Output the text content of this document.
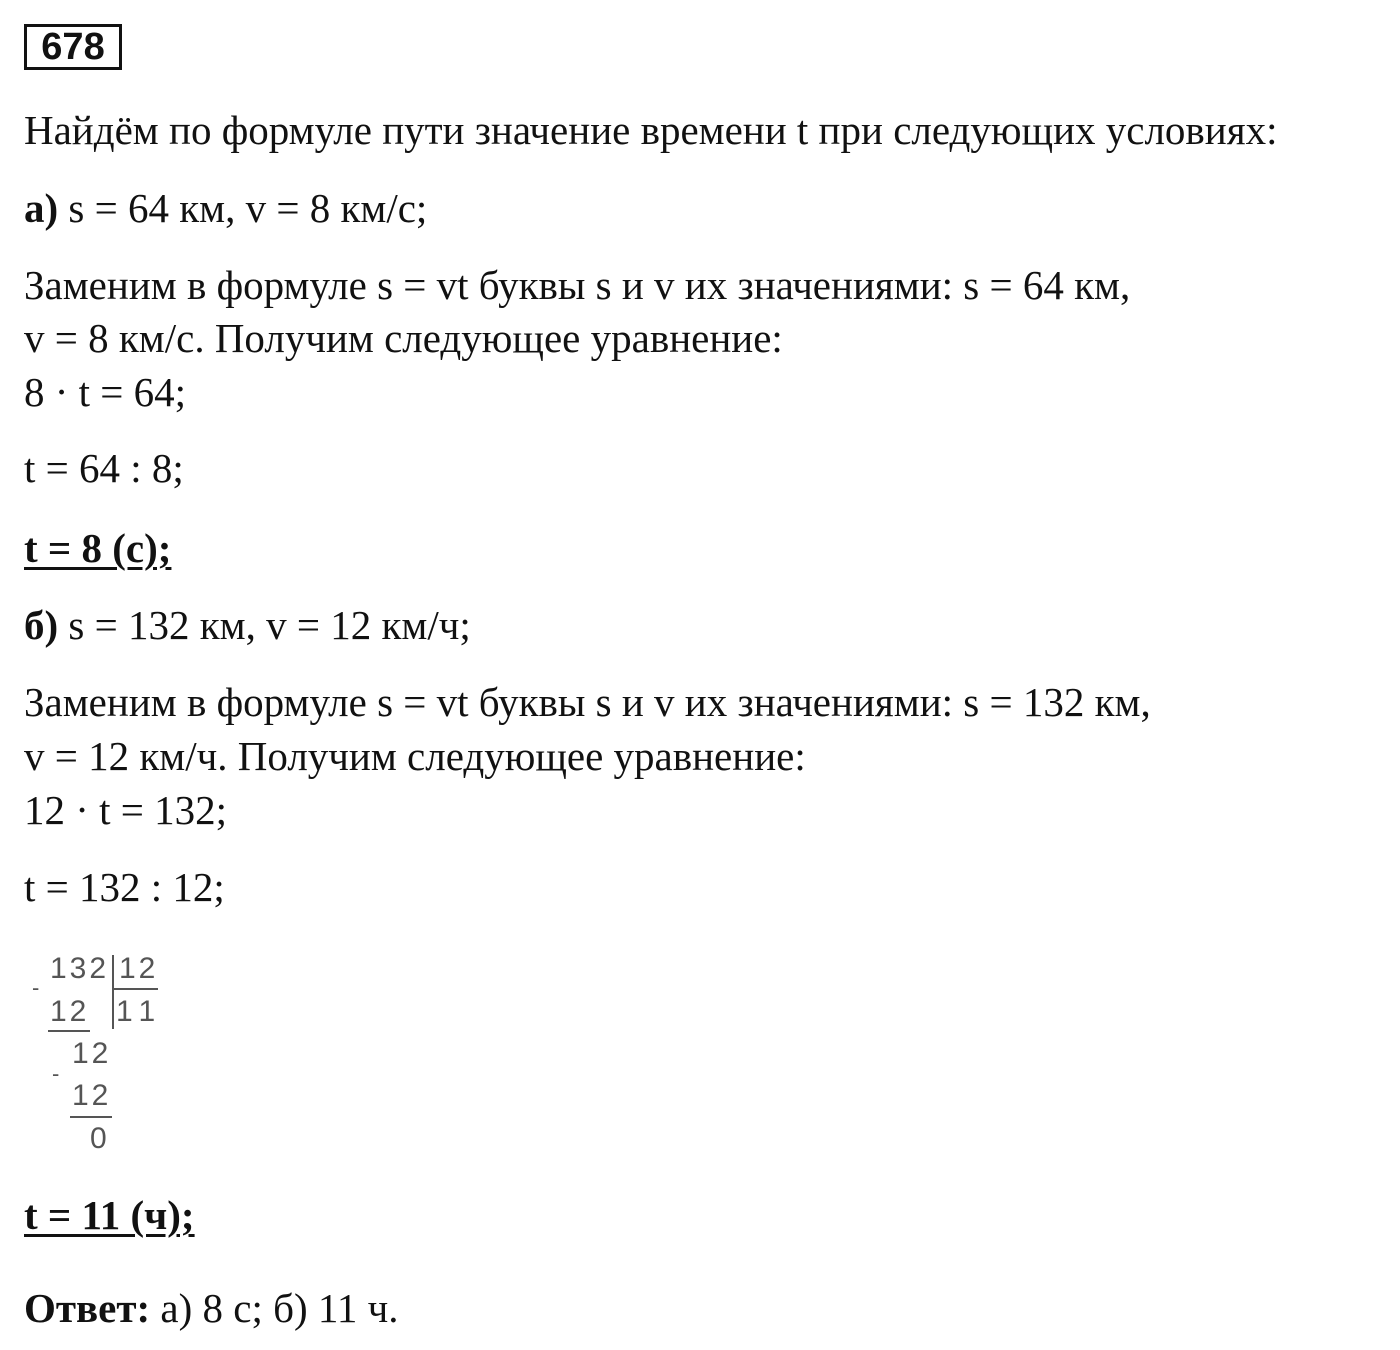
678
Найдём по формуле пути значение времени t при следующих условиях:
а) s = 64 км, v = 8 км/с;
Заменим в формуле s = vt буквы s и v их значениями: s = 64 км,
v = 8 км/с. Получим следующее уравнение:
8 · t = 64;
t = 64 : 8;
t = 8 (с);
б) s = 132 км, v = 12 км/ч;
Заменим в формуле s = vt буквы s и v их значениями: s = 132 км,
v = 12 км/ч. Получим следующее уравнение:
12 · t = 132;
t = 132 : 12;
-
132 12
11
12
12
-
12
0
t = 11 (ч);
Ответ: а) 8 с; б) 11 ч.
